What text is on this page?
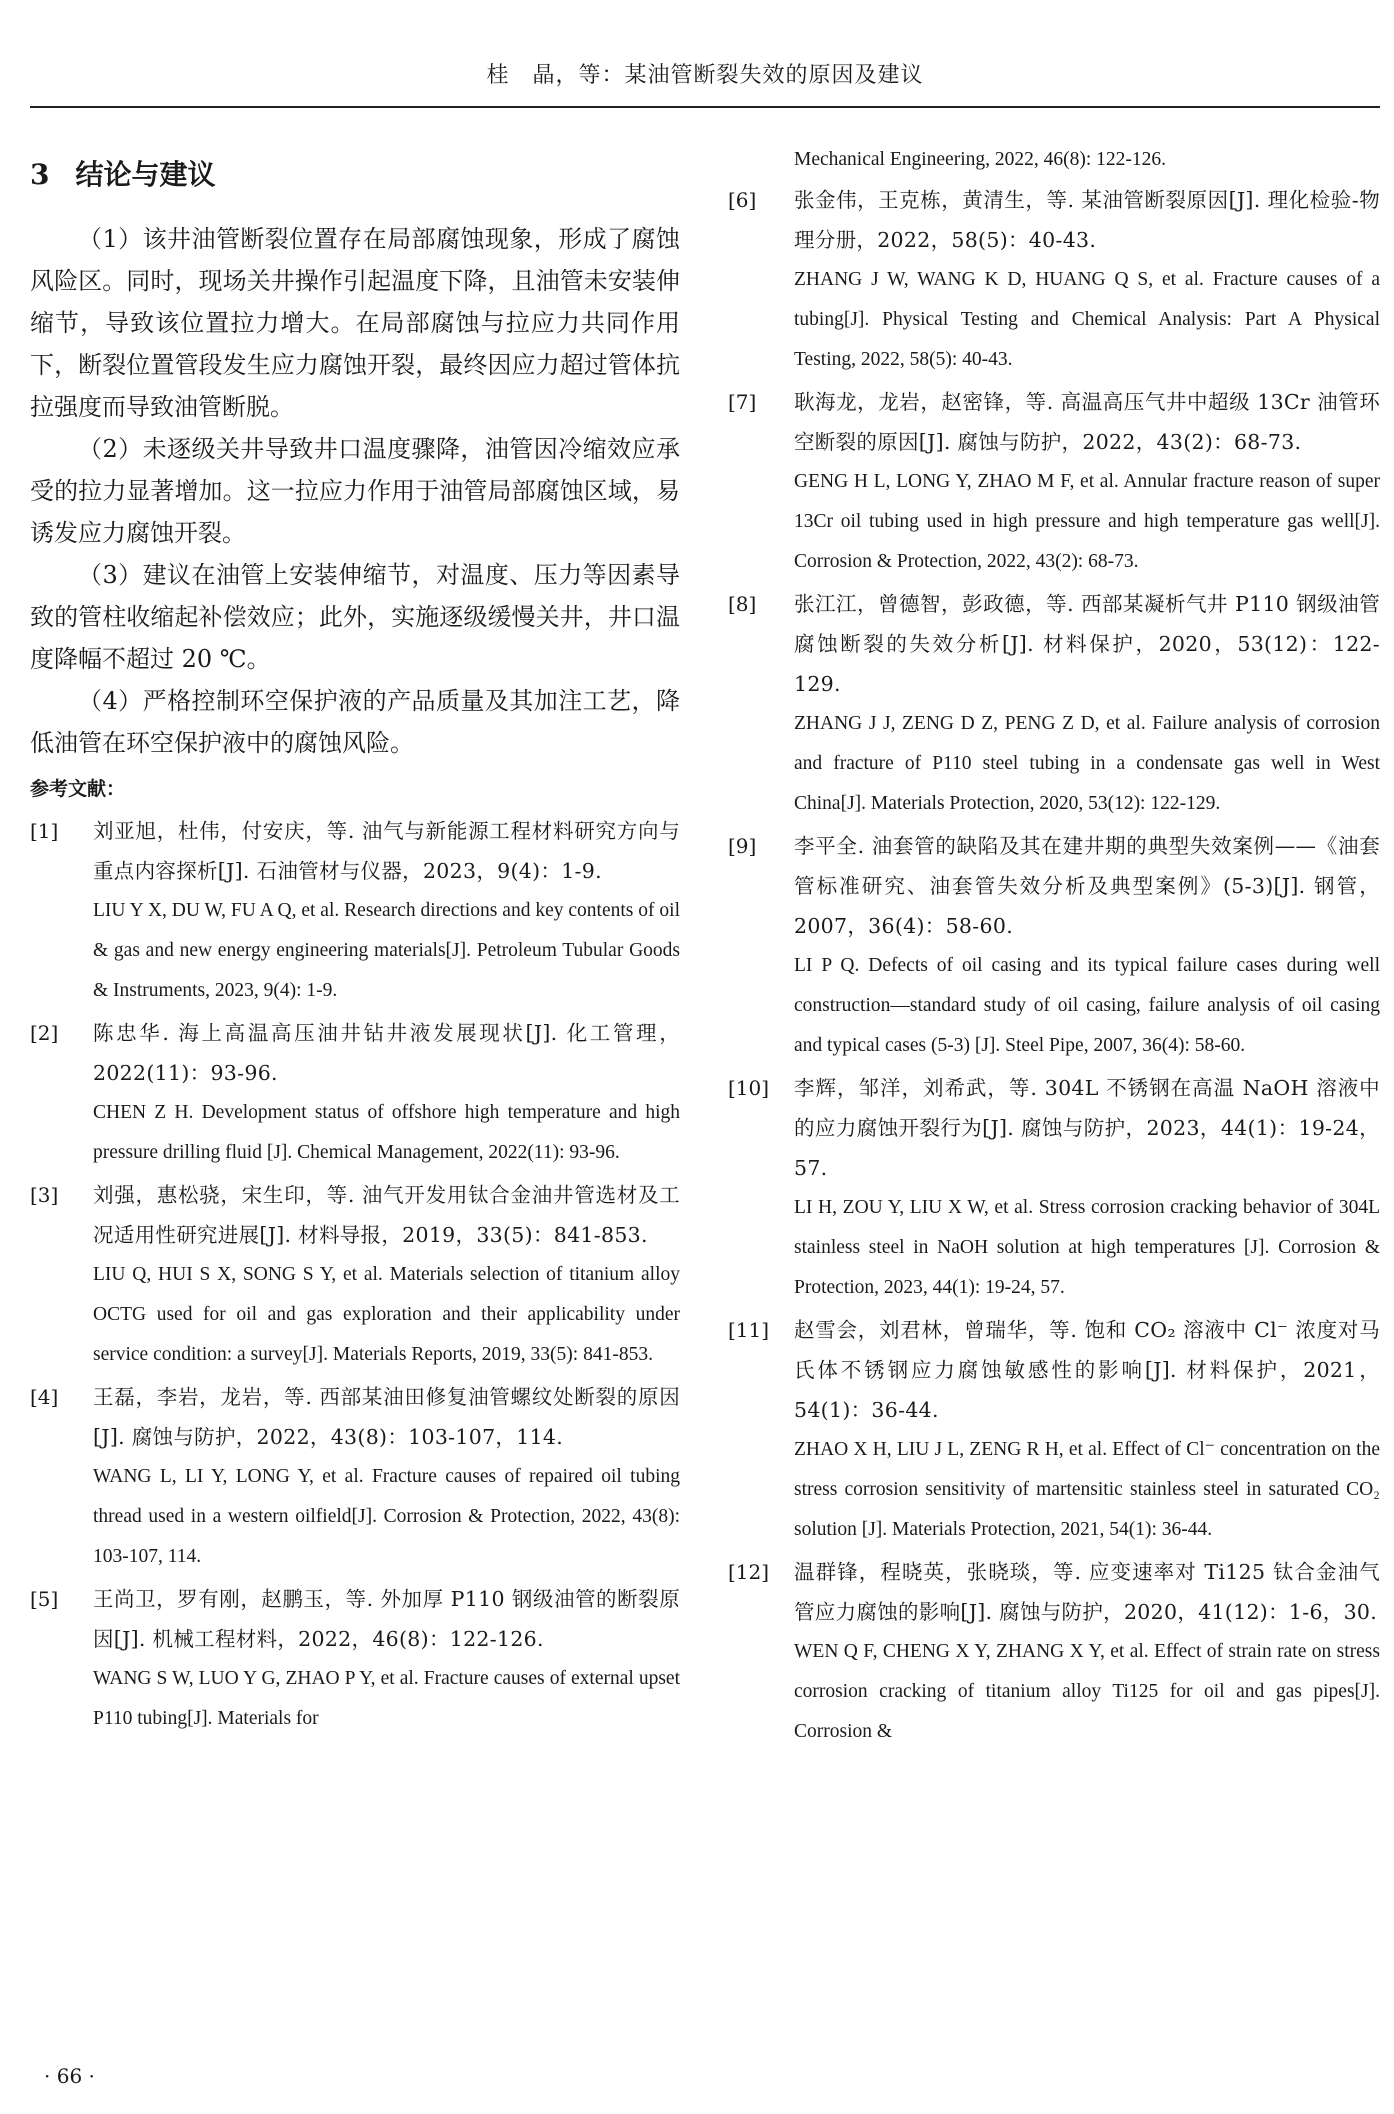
桂　晶，等：某油管断裂失效的原因及建议
3 结论与建议

（1）该井油管断裂位置存在局部腐蚀现象，形成了腐蚀风险区。同时，现场关井操作引起温度下降，且油管未安装伸缩节，导致该位置拉力增大。在局部腐蚀与拉应力共同作用下，断裂位置管段发生应力腐蚀开裂，最终因应力超过管体抗拉强度而导致油管断脱。

（2）未逐级关井导致井口温度骤降，油管因冷缩效应承受的拉力显著增加。这一拉应力作用于油管局部腐蚀区域，易诱发应力腐蚀开裂。

（3）建议在油管上安装伸缩节，对温度、压力等因素导致的管柱收缩起补偿效应；此外，实施逐级缓慢关井，井口温度降幅不超过 20 ℃。

（4）严格控制环空保护液的产品质量及其加注工艺，降低油管在环空保护液中的腐蚀风险。

参考文献：
[1] 刘亚旭，杜伟，付安庆，等. 油气与新能源工程材料研究方向与重点内容探析[J]. 石油管材与仪器，2023，9(4)：1-9.

LIU Y X, DU W, FU A Q, et al. Research directions and key contents of oil & gas and new energy engineering materials[J]. Petroleum Tubular Goods & Instruments, 2023, 9(4): 1-9.

[2] 陈忠华. 海上高温高压油井钻井液发展现状[J]. 化工管理，2022(11)：93-96.

CHEN Z H. Development status of offshore high temperature and high pressure drilling fluid [J]. Chemical Management, 2022(11): 93-96.

[3] 刘强，惠松骁，宋生印，等. 油气开发用钛合金油井管选材及工况适用性研究进展[J]. 材料导报，2019，33(5)：841-853.

LIU Q, HUI S X, SONG S Y, et al. Materials selection of titanium alloy OCTG used for oil and gas exploration and their applicability under service condition: a survey[J]. Materials Reports, 2019, 33(5): 841-853.

[4] 王磊，李岩，龙岩，等. 西部某油田修复油管螺纹处断裂的原因[J]. 腐蚀与防护，2022，43(8)：103-107，114.

WANG L, LI Y, LONG Y, et al. Fracture causes of repaired oil tubing thread used in a western oilfield[J]. Corrosion & Protection, 2022, 43(8): 103-107, 114.

[5] 王尚卫，罗有刚，赵鹏玉，等. 外加厚 P110 钢级油管的断裂原因[J]. 机械工程材料，2022，46(8)：122-126.

WANG S W, LUO Y G, ZHAO P Y, et al. Fracture causes of external upset P110 tubing[J]. Materials for

Mechanical Engineering, 2022, 46(8): 122-126.

[6] 张金伟，王克栋，黄清生，等. 某油管断裂原因[J]. 理化检验-物理分册，2022，58(5)：40-43.

ZHANG J W, WANG K D, HUANG Q S, et al. Fracture causes of a tubing[J]. Physical Testing and Chemical Analysis: Part A Physical Testing, 2022, 58(5): 40-43.

[7] 耿海龙，龙岩，赵密锋，等. 高温高压气井中超级 13Cr 油管环空断裂的原因[J]. 腐蚀与防护，2022，43(2)：68-73.

GENG H L, LONG Y, ZHAO M F, et al. Annular fracture reason of super 13Cr oil tubing used in high pressure and high temperature gas well[J]. Corrosion & Protection, 2022, 43(2): 68-73.

[8] 张江江，曾德智，彭政德，等. 西部某凝析气井 P110 钢级油管腐蚀断裂的失效分析[J]. 材料保护，2020，53(12)：122-129.

ZHANG J J, ZENG D Z, PENG Z D, et al. Failure analysis of corrosion and fracture of P110 steel tubing in a condensate gas well in West China[J]. Materials Protection, 2020, 53(12): 122-129.

[9] 李平全. 油套管的缺陷及其在建井期的典型失效案例——《油套管标准研究、油套管失效分析及典型案例》(5-3)[J]. 钢管，2007，36(4)：58-60.

LI P Q. Defects of oil casing and its typical failure cases during well construction—standard study of oil casing, failure analysis of oil casing and typical cases (5-3) [J]. Steel Pipe, 2007, 36(4): 58-60.

[10] 李辉，邹洋，刘希武，等. 304L 不锈钢在高温 NaOH 溶液中的应力腐蚀开裂行为[J]. 腐蚀与防护，2023，44(1)：19-24，57.

LI H, ZOU Y, LIU X W, et al. Stress corrosion cracking behavior of 304L stainless steel in NaOH solution at high temperatures [J]. Corrosion & Protection, 2023, 44(1): 19-24, 57.

[11] 赵雪会，刘君林，曾瑞华，等. 饱和 CO₂ 溶液中 Cl⁻ 浓度对马氏体不锈钢应力腐蚀敏感性的影响[J]. 材料保护，2021，54(1)：36-44.

ZHAO X H, LIU J L, ZENG R H, et al. Effect of Cl⁻ concentration on the stress corrosion sensitivity of martensitic stainless steel in saturated CO₂ solution [J]. Materials Protection, 2021, 54(1): 36-44.

[12] 温群锋，程晓英，张晓琰，等. 应变速率对 Ti125 钛合金油气管应力腐蚀的影响[J]. 腐蚀与防护，2020，41(12)：1-6，30.

WEN Q F, CHENG X Y, ZHANG X Y, et al. Effect of strain rate on stress corrosion cracking of titanium alloy Ti125 for oil and gas pipes[J]. Corrosion &

· 66 ·
